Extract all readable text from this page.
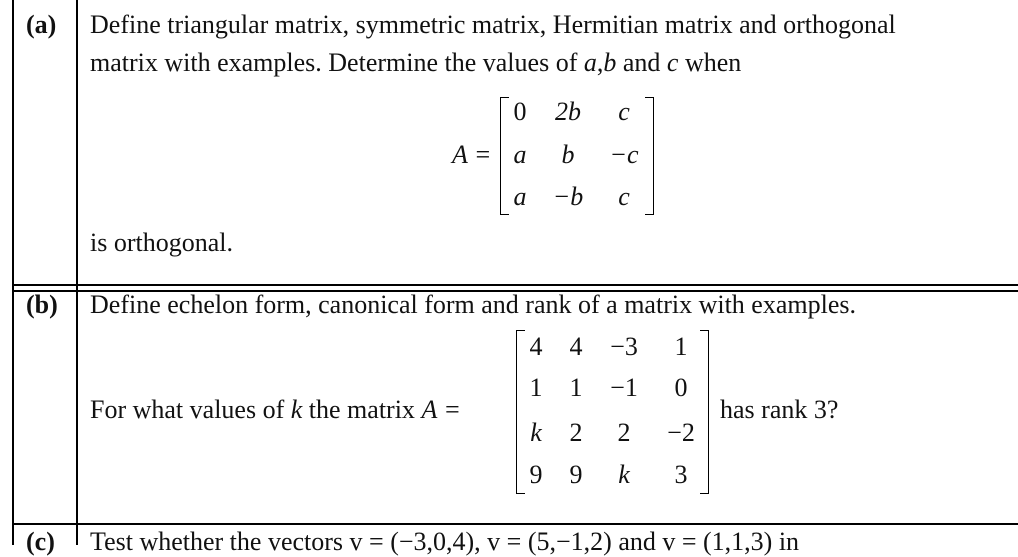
(a) Define triangular matrix, symmetric matrix, Hermitian matrix and orthogonal
matrix with examples. Determine the values of a,b and c when
A =
0	2b	c
a	b	−c
a	−b	c
is orthogonal.
(b) Define echelon form, canonical form and rank of a matrix with examples.
For what values of k the matrix A =
4	4	−3	1
1	1	−1	0
k	2	2	−2
9	9	k	3
has rank 3?
(c) Test whether the vectors v = (−3,0,4), v = (5,−1,2) and v = (1,1,3) in
